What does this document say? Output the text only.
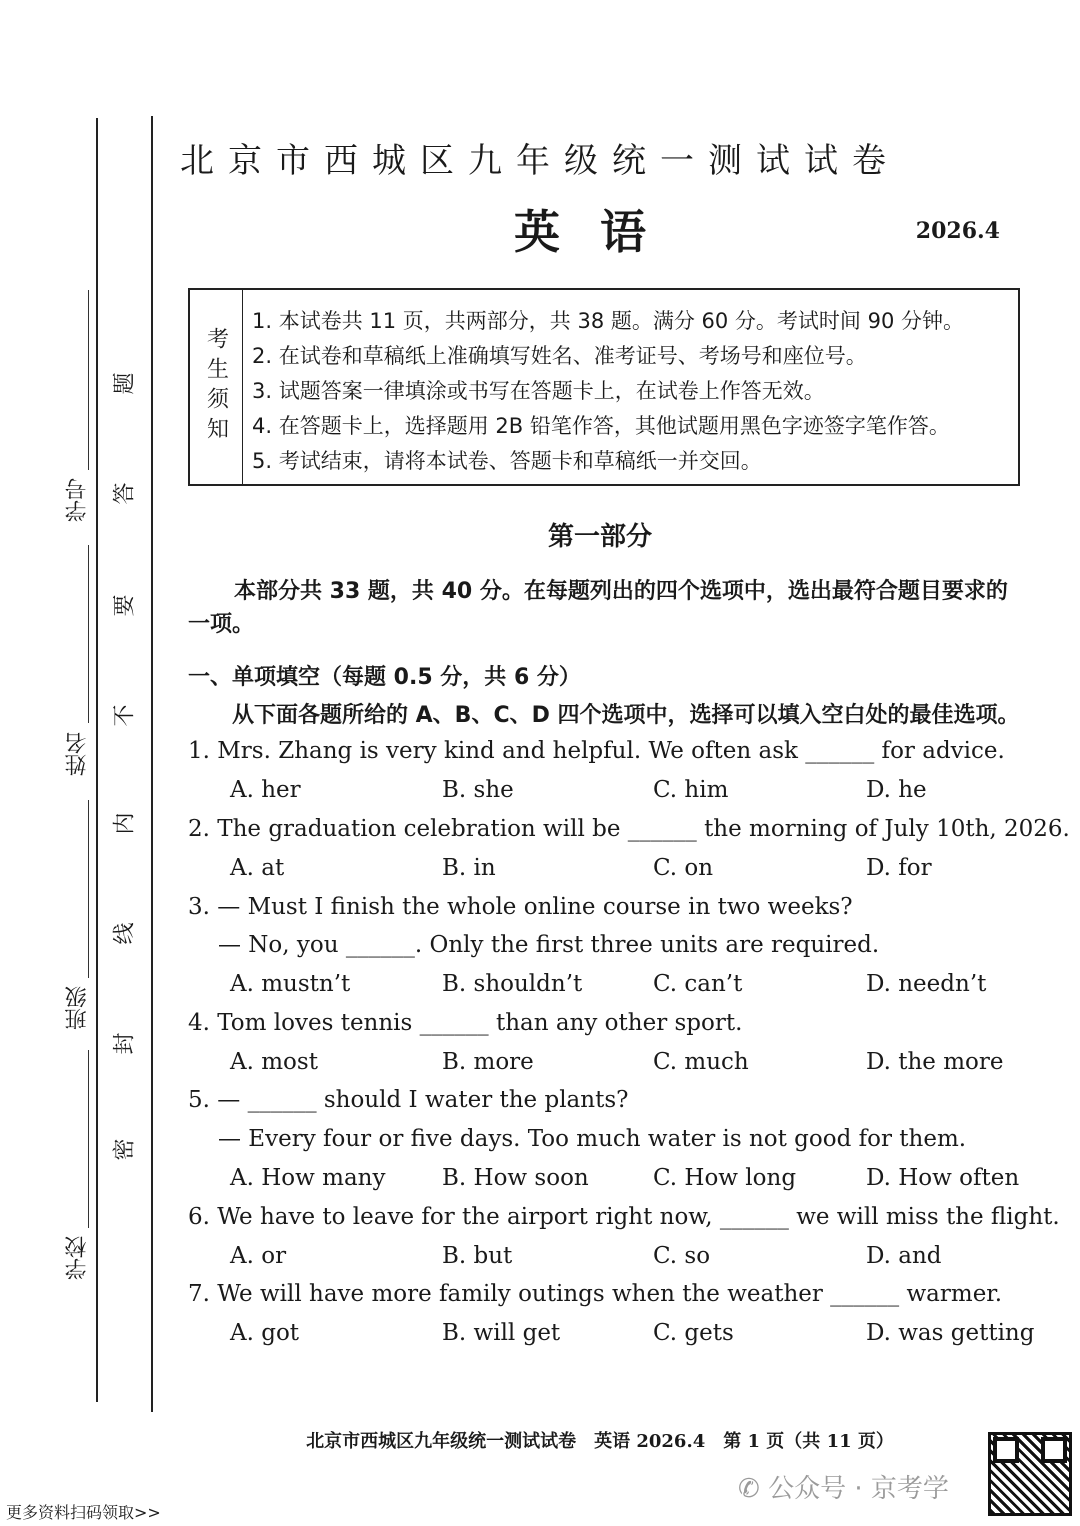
学号
姓名
班级
学校
题
答
要
不
内
线
封
密
北京市西城区九年级统一测试试卷
英语	2026.4
考生须知
1. 本试卷共 11 页，共两部分，共 38 题。满分 60 分。考试时间 90 分钟。
2. 在试卷和草稿纸上准确填写姓名、准考证号、考场号和座位号。
3. 试题答案一律填涂或书写在答题卡上，在试卷上作答无效。
4. 在答题卡上，选择题用 2B 铅笔作答，其他试题用黑色字迹签字笔作答。
5. 考试结束，请将本试卷、答题卡和草稿纸一并交回。
第一部分
本部分共 33 题，共 40 分。在每题列出的四个选项中，选出最符合题目要求的一项。
一、单项填空（每题 0.5 分，共 6 分）
从下面各题所给的 A、B、C、D 四个选项中，选择可以填入空白处的最佳选项。
1. Mrs. Zhang is very kind and helpful. We often ask ______ for advice.
A. her	B. she	C. him	D. he
2. The graduation celebration will be ______ the morning of July 10th, 2026.
A. at	B. in	C. on	D. for
3. — Must I finish the whole online course in two weeks?
— No, you ______. Only the first three units are required.
A. mustn’t	B. shouldn’t	C. can’t	D. needn’t
4. Tom loves tennis ______ than any other sport.
A. most	B. more	C. much	D. the more
5. — ______ should I water the plants?
— Every four or five days. Too much water is not good for them.
A. How many B. How soon	C. How long	D. How often
6. We have to leave for the airport right now, ______ we will miss the flight.
A. or	B. but	C. so	D. and
7. We will have more family outings when the weather ______ warmer.
A. got	B. will get	C. gets	D. was getting
北京市西城区九年级统一测试试卷　英语 2026.4　第 1 页（共 11 页）
✆ 公众号 · 京考学
更多资料扫码领取>>
